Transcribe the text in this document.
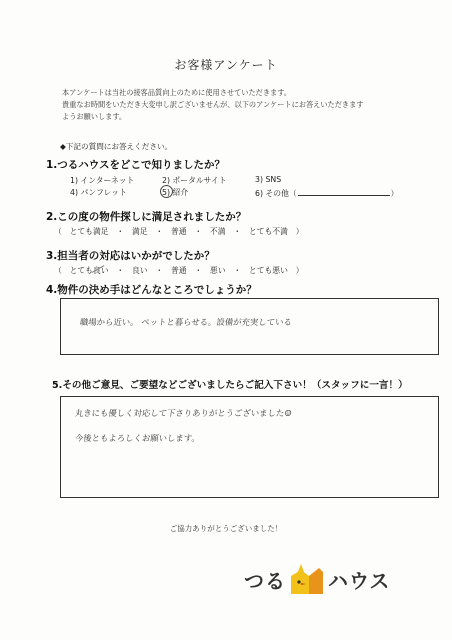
お客様アンケート
本アンケートは当社の接客品質向上のために使用させていただきます。
貴重なお時間をいただき大変申し訳ございませんが、以下のアンケートにお答えいただきます
ようお願いします。
◆下記の質問にお答えください。
1.つるハウスをどこで知りましたか？
1) インターネット	2) ポータルサイト	3) SNS
4) パンフレット	5) 紹介	6) その他（	）
2.この度の物件探しに満足されましたか？
（　とても満足　・　満足　・　普通　・　不満　・　とても不満　）
3.担当者の対応はいかがでしたか？
（　とても良い　・　良い　・　普通　・　悪い　・　とても悪い　）
4.物件の決め手はどんなところでしょうか？
職場から近い。 ペットと暮らせる。設備が充実している
5.その他ご意見、ご要望などございましたらご記入下さい！（スタッフに一言！）
丸きにも優しく対応して下さりありがとうございました☺
今後ともよろしくお願いします。
ご協力ありがとうございました！
つる ハウス
